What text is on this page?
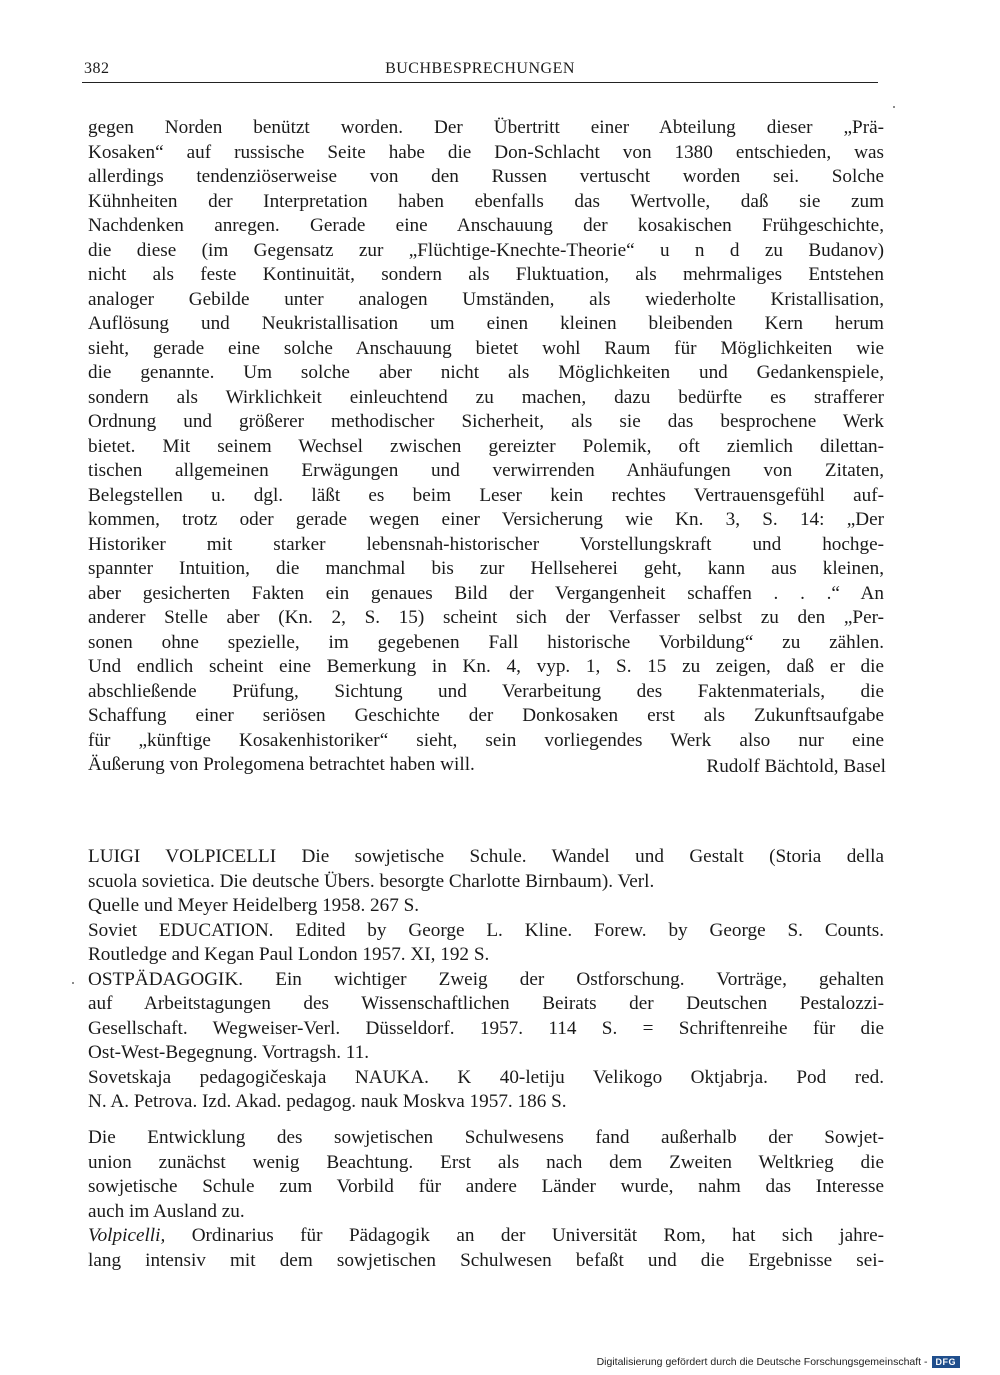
382	BUCHBESPRECHUNGEN
gegen Norden benützt worden. Der Übertritt einer Abteilung dieser „Prä-
Kosaken“ auf russische Seite habe die Don-Schlacht von 1380 entschieden, was
allerdings tendenziöserweise von den Russen vertuscht worden sei. Solche
Kühnheiten der Interpretation haben ebenfalls das Wertvolle, daß sie zum
Nachdenken anregen. Gerade eine Anschauung der kosakischen Frühgeschichte,
die diese (im Gegensatz zur „Flüchtige-Knechte-Theorie“ u n d zu Budanov)
nicht als feste Kontinuität, sondern als Fluktuation, als mehrmaliges Entstehen
analoger Gebilde unter analogen Umständen, als wiederholte Kristallisation,
Auflösung und Neukristallisation um einen kleinen bleibenden Kern herum
sieht, gerade eine solche Anschauung bietet wohl Raum für Möglichkeiten wie
die genannte. Um solche aber nicht als Möglichkeiten und Gedankenspiele,
sondern als Wirklichkeit einleuchtend zu machen, dazu bedürfte es strafferer
Ordnung und größerer methodischer Sicherheit, als sie das besprochene Werk
bietet. Mit seinem Wechsel zwischen gereizter Polemik, oft ziemlich dilettan-
tischen allgemeinen Erwägungen und verwirrenden Anhäufungen von Zitaten,
Belegstellen u. dgl. läßt es beim Leser kein rechtes Vertrauensgefühl auf-
kommen, trotz oder gerade wegen einer Versicherung wie Kn. 3, S. 14: „Der
Historiker mit starker lebensnah-historischer Vorstellungskraft und hochge-
spannter Intuition, die manchmal bis zur Hellseherei geht, kann aus kleinen,
aber gesicherten Fakten ein genaues Bild der Vergangenheit schaffen . . .“ An
anderer Stelle aber (Kn. 2, S. 15) scheint sich der Verfasser selbst zu den „Per-
sonen ohne spezielle, im gegebenen Fall historische Vorbildung“ zu zählen.
Und endlich scheint eine Bemerkung in Kn. 4, vyp. 1, S. 15 zu zeigen, daß er die
abschließende Prüfung, Sichtung und Verarbeitung des Faktenmaterials, die
Schaffung einer seriösen Geschichte der Donkosaken erst als Zukunftsaufgabe
für „künftige Kosakenhistoriker“ sieht, sein vorliegendes Werk also nur eine
Äußerung von Prolegomena betrachtet haben will.	Rudolf Bächtold, Basel
LUIGI VOLPICELLI Die sowjetische Schule. Wandel und Gestalt (Storia della
scuola sovietica. Die deutsche Übers. besorgte Charlotte Birnbaum). Verl.
Quelle und Meyer Heidelberg 1958. 267 S.
Soviet EDUCATION. Edited by George L. Kline. Forew. by George S. Counts.
Routledge and Kegan Paul London 1957. XI, 192 S.
OSTPÄDAGOGIK. Ein wichtiger Zweig der Ostforschung. Vorträge, gehalten
auf Arbeitstagungen des Wissenschaftlichen Beirats der Deutschen Pestalozzi-
Gesellschaft. Wegweiser-Verl. Düsseldorf. 1957. 114 S. = Schriftenreihe für die
Ost-West-Begegnung. Vortragsh. 11.
Sovetskaja pedagogičeskaja NAUKA. K 40-letiju Velikogo Oktjabrja. Pod red.
N. A. Petrova. Izd. Akad. pedagog. nauk Moskva 1957. 186 S.
Die Entwicklung des sowjetischen Schulwesens fand außerhalb der Sowjet-
union zunächst wenig Beachtung. Erst als nach dem Zweiten Weltkrieg die
sowjetische Schule zum Vorbild für andere Länder wurde, nahm das Interesse
auch im Ausland zu.
Volpicelli, Ordinarius für Pädagogik an der Universität Rom, hat sich jahre-
lang intensiv mit dem sowjetischen Schulwesen befaßt und die Ergebnisse sei-
Digitalisierung gefördert durch die Deutsche Forschungsgemeinschaft - DFG
